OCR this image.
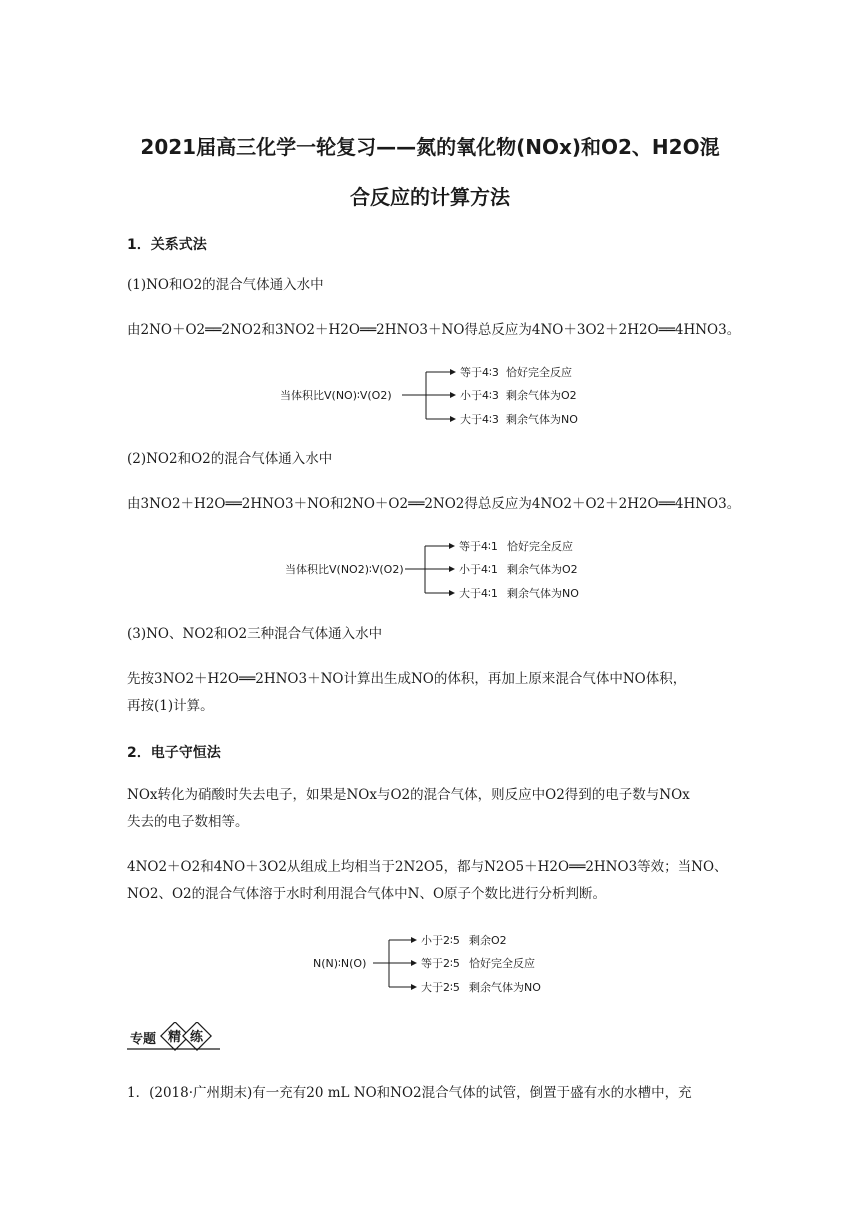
2021届高三化学一轮复习——氮的氧化物(NOx)和O2、H2O混
合反应的计算方法
1．关系式法
(1)NO和O2的混合气体通入水中
由2NO＋O2══2NO2和3NO2＋H2O══2HNO3＋NO得总反应为4NO＋3O2＋2H2O══4HNO3。
当体积比V(NO)∶V(O2)
等于4∶3 恰好完全反应
小于4∶3 剩余气体为O2
大于4∶3 剩余气体为NO
(2)NO2和O2的混合气体通入水中
由3NO2＋H2O══2HNO3＋NO和2NO＋O2══2NO2得总反应为4NO2＋O2＋2H2O══4HNO3。
当体积比V(NO2)∶V(O2)
等于4∶1 恰好完全反应
小于4∶1 剩余气体为O2
大于4∶1 剩余气体为NO
(3)NO、NO2和O2三种混合气体通入水中
先按3NO2＋H2O══2HNO3＋NO计算出生成NO的体积，再加上原来混合气体中NO体积，
再按(1)计算。
2．电子守恒法
NOx转化为硝酸时失去电子，如果是NOx与O2的混合气体，则反应中O2得到的电子数与NOx
失去的电子数相等。
4NO2＋O2和4NO＋3O2从组成上均相当于2N2O5，都与N2O5＋H2O══2HNO3等效；当NO、
NO2、O2的混合气体溶于水时利用混合气体中N、O原子个数比进行分析判断。
N(N)∶N(O)
小于2∶5 剩余O2
等于2∶5 恰好完全反应
大于2∶5 剩余气体为NO
专题 精 练
1．(2018·广州期末)有一充有20 mL NO和NO2混合气体的试管，倒置于盛有水的水槽中，充
